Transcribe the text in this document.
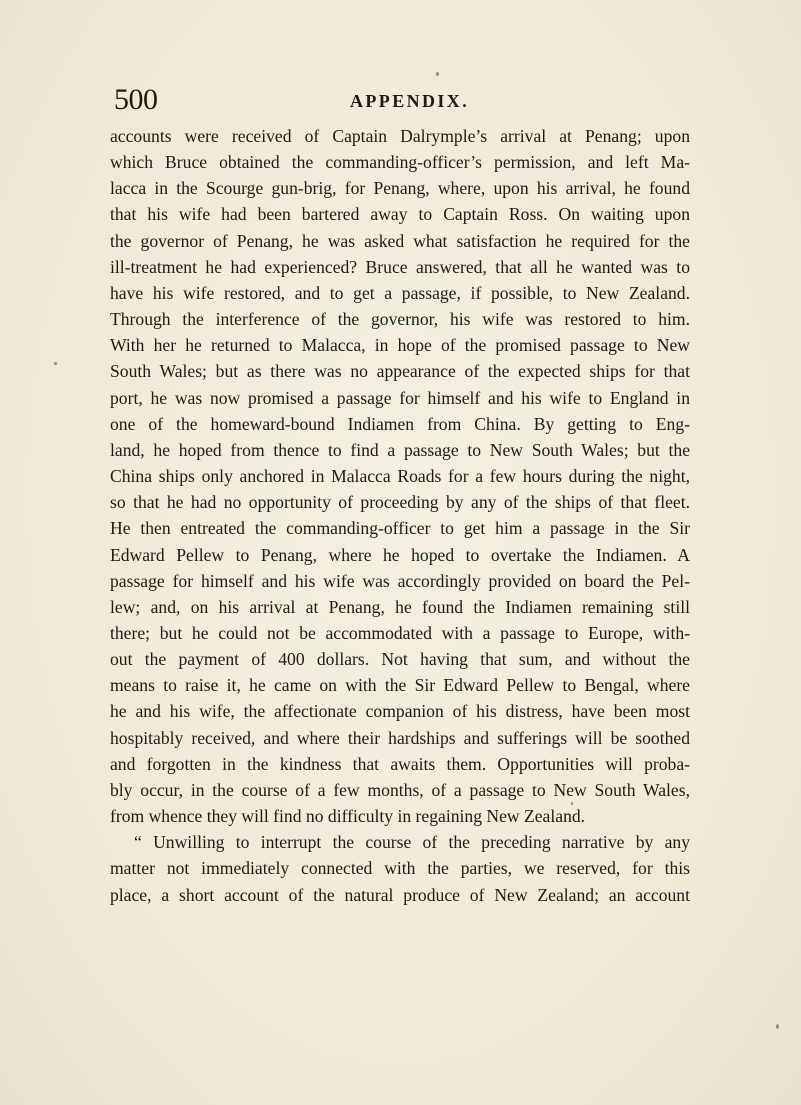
500	APPENDIX.

accounts were received of Captain Dalrymple’s arrival at Penang; upon

which Bruce obtained the commanding-officer’s permission, and left Ma-

lacca in the Scourge gun-brig, for Penang, where, upon his arrival, he found

that his wife had been bartered away to Captain Ross. On waiting upon

the governor of Penang, he was asked what satisfaction he required for the

ill-treatment he had experienced? Bruce answered, that all he wanted was to

have his wife restored, and to get a passage, if possible, to New Zealand.

Through the interference of the governor, his wife was restored to him.

With her he returned to Malacca, in hope of the promised passage to New

South Wales; but as there was no appearance of the expected ships for that

port, he was now promised a passage for himself and his wife to England in

one of the homeward-bound Indiamen from China. By getting to Eng-

land, he hoped from thence to find a passage to New South Wales; but the

China ships only anchored in Malacca Roads for a few hours during the night,

so that he had no opportunity of proceeding by any of the ships of that fleet.

He then entreated the commanding-officer to get him a passage in the Sir

Edward Pellew to Penang, where he hoped to overtake the Indiamen. A

passage for himself and his wife was accordingly provided on board the Pel-

lew; and, on his arrival at Penang, he found the Indiamen remaining still

there; but he could not be accommodated with a passage to Europe, with-

out the payment of 400 dollars. Not having that sum, and without the

means to raise it, he came on with the Sir Edward Pellew to Bengal, where

he and his wife, the affectionate companion of his distress, have been most

hospitably received, and where their hardships and sufferings will be soothed

and forgotten in the kindness that awaits them. Opportunities will proba-

bly occur, in the course of a few months, of a passage to New South Wales,

from whence they will find no difficulty in regaining New Zealand.

“ Unwilling to interrupt the course of the preceding narrative by any

matter not immediately connected with the parties, we reserved, for this

place, a short account of the natural produce of New Zealand; an account
